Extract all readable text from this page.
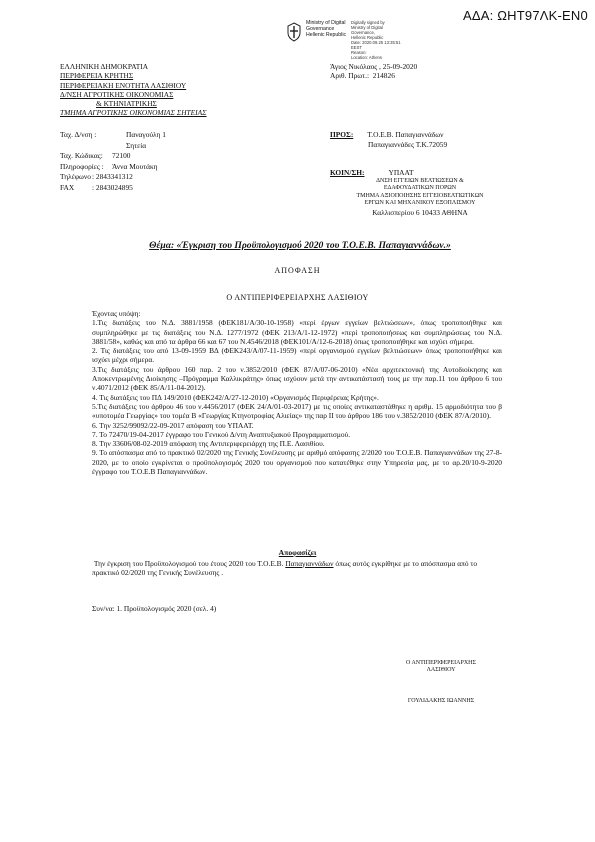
ΑΔΑ: ΩΗΤ97ΛΚ-ΕΝ0
Ministry of Digital
Governance
Hellenic Republic
Digitally signed by
Ministry of Digital
Governance,
Hellenic Republic
Date: 2020.09.25 13:35:51
EEST
Reason:
Location: Athens
ΕΛΛΗΝΙΚΗ ΔΗΜΟΚΡΑΤΙΑ
ΠΕΡΙΦΕΡΕΙΑ ΚΡΗΤΗΣ
ΠΕΡΙΦΕΡΕΙΑΚΗ ΕΝΟΤΗΤΑ ΛΑΣΙΘΙΟΥ
Δ/ΝΣΗ ΑΓΡΟΤΙΚΗΣ ΟΙΚΟΝΟΜΙΑΣ
& ΚΤΗΝΙΑΤΡΙΚΗΣ
ΤΜΗΜΑ ΑΓΡΟΤΙΚΗΣ ΟΙΚΟΝΟΜΙΑΣ ΣΗΤΕΙΑΣ
Άγιος Νικόλαος , 25-09-2020
Αριθ. Πρωτ.: 214826
Ταχ. Δ/νση :	Παναγούλη 1
Σητεία
Ταχ. Κώδικας: 72100
Πληροφορίες : Άννα Μουτάκη
Τηλέφωνο : 2843341312
FAX : 2843024895
ΠΡΟΣ: Τ.Ο.Ε.Β. Παπαγιαννάδων
Παπαγιαννάδες Τ.Κ.72059
ΚΟΙΝ/ΣΗ:	ΥΠΑΑΤ
ΔΝΣΗ ΕΓΓΕΙΩΝ ΒΕΛΤΙΩΣΕΩΝ &
ΕΔΑΦΟΥΔΑΤΙΚΩΝ ΠΟΡΩΝ
ΤΜΗΜΑ ΑΞΙΟΠΟΙΗΣΗΣ ΕΓΓΕΙΟΒΕΛΤΙΩΤΙΚΩΝ
ΕΡΓΩΝ ΚΑΙ ΜΗΧΑΝΙΚΟΥ ΕΞΟΠΛΙΣΜΟΥ
Καλλισπερίου 6 10433 ΑΘΗΝΑ
Θέμα: «Έγκριση του Προϋπολογισμού 2020 του Τ.Ο.Ε.Β. Παπαγιαννάδων.»
ΑΠΟΦΑΣΗ
Ο ΑΝΤΙΠΕΡΙΦΕΡΕΙΑΡΧΗΣ ΛΑΣΙΘΙΟΥ

Έχοντας υπόψη:

1.Τις διατάξεις του Ν.Δ. 3881/1958 (ΦΕΚ181/Α/30-10-1958) «περί έργων εγγείων βελτιώσεων», όπως τροποποιήθηκε και συμπληρώθηκε με τις διατάξεις του Ν.Δ. 1277/1972 (ΦΕΚ 213/Α/1-12-1972) «περί τροποποιήσεως και συμπληρώσεως του Ν.Δ. 3881/58», καθώς και από τα άρθρα 66 και 67 του Ν.4546/2018 (ΦΕΚ101/Α/12-6-2018) όπως τροποποιήθηκε και ισχύει σήμερα.

2. Τις διατάξεις του από 13-09-1959 ΒΔ (ΦΕΚ243/Α/07-11-1959) «περί οργανισμού εγγείων βελτιώσεων» όπως τροποποιήθηκε και ισχύει μέχρι σήμερα.

3.Τις διατάξεις του άρθρου 160 παρ. 2 του ν.3852/2010 (ΦΕΚ 87/Α/07-06-2010) «Νέα αρχιτεκτονική της Αυτοδιοίκησης και Αποκεντρωμένης Διοίκησης –Πρόγραμμα Καλλικράτης» όπως ισχύουν μετά την αντικατάστασή τους με την παρ.11 του άρθρου 6 του ν.4071/2012 (ΦΕΚ 85/Α/11-04-2012).

4. Τις διατάξεις του ΠΔ 149/2010 (ΦΕΚ242/Α/27-12-2010) «Οργανισμός Περιφέρειας Κρήτης».

5.Τις διατάξεις του άρθρου 46 του ν.4456/2017 (ΦΕΚ 24/Α/01-03-2017) με τις οποίες αντικαταστάθηκε η αριθμ. 15 αρμοδιότητα του β «υποτομέα Γεωργίας» του τομέα Β «Γεωργίας Κτηνοτροφίας Αλιείας» της παρ ΙΙ του άρθρου 186 του ν.3852/2010 (ΦΕΚ 87/Α/2010).

6. Την 3252/99092/22-09-2017 απόφαση του ΥΠΑΑΤ.

7. Το 72470/19-04-2017 έγγραφο του Γενικού Δ/ντη Αναπτυξιακού Προγραμματισμού.

8. Την 33606/08-02-2019 απόφαση της Αντιπεριφερειάρχη της Π.Ε. Λασιθίου.

9. Το απόσπασμα από το πρακτικό 02/2020 της Γενικής Συνέλευσης με αριθμό απόφασης 2/2020 του Τ.Ο.Ε.Β. Παπαγιαννάδων της 27-8-2020, με το οποίο εγκρίνεται ο προϋπολογισμός 2020 του οργανισμού που κατατέθηκε στην Υπηρεσία μας, με το αρ.20/10-9-2020 έγγραφο του Τ.Ο.Ε.Β Παπαγιαννάδων.

Αποφασίζει
Την έγκριση του Προϋπολογισμού του έτους 2020 του Τ.Ο.Ε.Β. Παπαγιαννάδων όπως αυτός εγκρίθηκε με το απόσπασμα από το πρακτικό 02/2020 της Γενικής Συνέλευσης .
Συν/να: 1. Προϋπολογισμός 2020 (σελ. 4)
Ο ΑΝΤΙΠΕΡΙΦΕΡΕΙΑΡΧΗΣ
ΛΑΣΙΘΙΟΥ
ΓΟΥΛΙΔΑΚΗΣ ΙΩΑΝΝΗΣ
